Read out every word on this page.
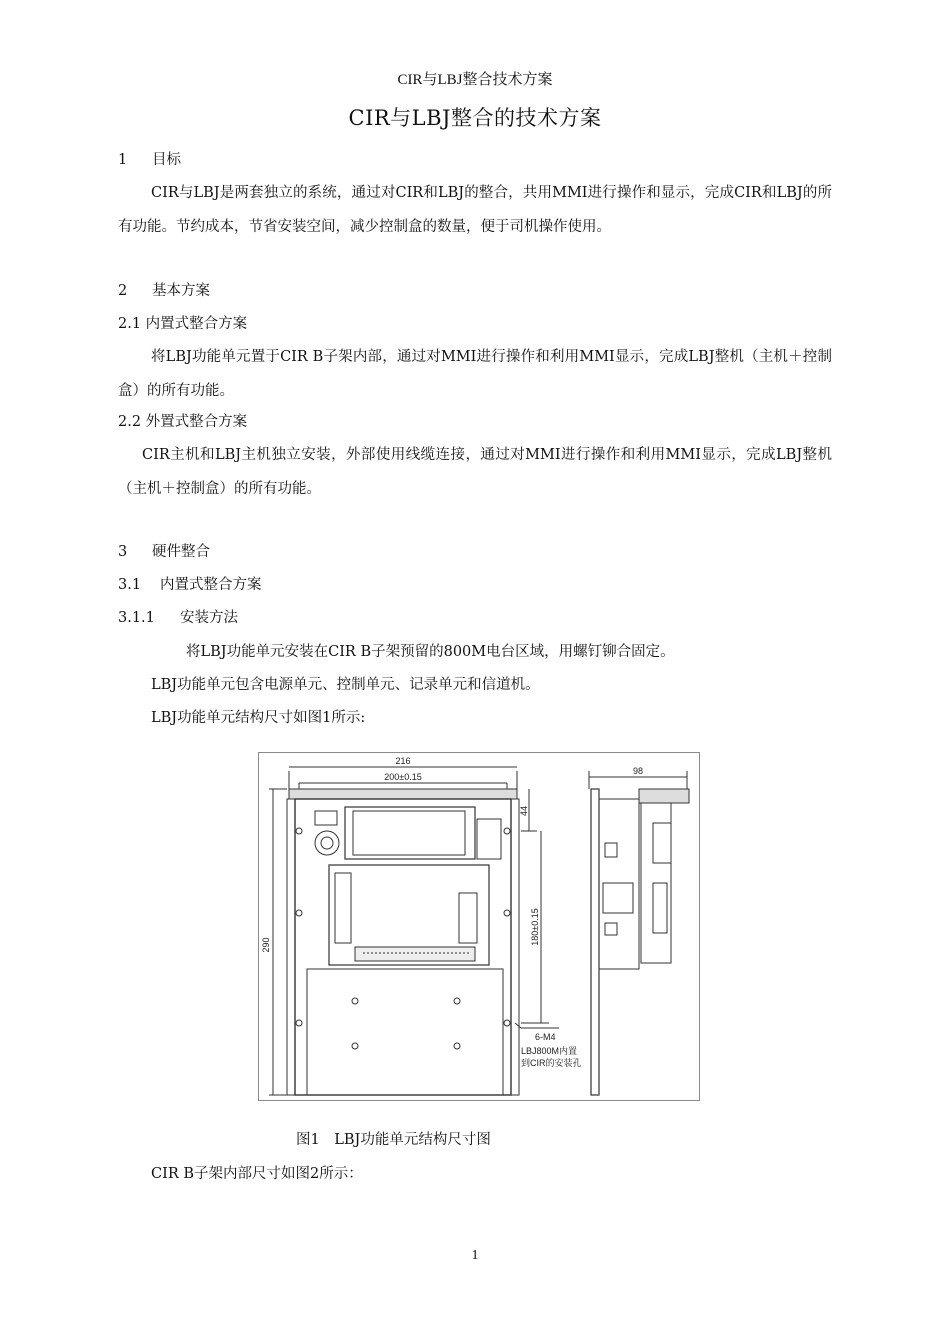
CIR与LBJ整合技术方案
CIR与LBJ整合的技术方案
1 目标
CIR与LBJ是两套独立的系统，通过对CIR和LBJ的整合，共用MMI进行操作和显示，完成CIR和LBJ的所有功能。节约成本，节省安装空间，减少控制盒的数量，便于司机操作使用。
2 基本方案
2.1 内置式整合方案
将LBJ功能单元置于CIR B子架内部，通过对MMI进行操作和利用MMI显示，完成LBJ整机（主机＋控制盒）的所有功能。
2.2 外置式整合方案
CIR主机和LBJ主机独立安装，外部使用线缆连接，通过对MMI进行操作和利用MMI显示，完成LBJ整机（主机＋控制盒）的所有功能。
3 硬件整合
3.1 内置式整合方案
3.1.1 安装方法
将LBJ功能单元安装在CIR B子架预留的800M电台区域，用螺钉铆合固定。
LBJ功能单元包含电源单元、控制单元、记录单元和信道机。
LBJ功能单元结构尺寸如图1所示:
216
200±0.15
98
290
44
180±0.15
6-M4
LBJ800M内置
到CIR的安装孔
图1　LBJ功能单元结构尺寸图
CIR B子架内部尺寸如图2所示：
1
